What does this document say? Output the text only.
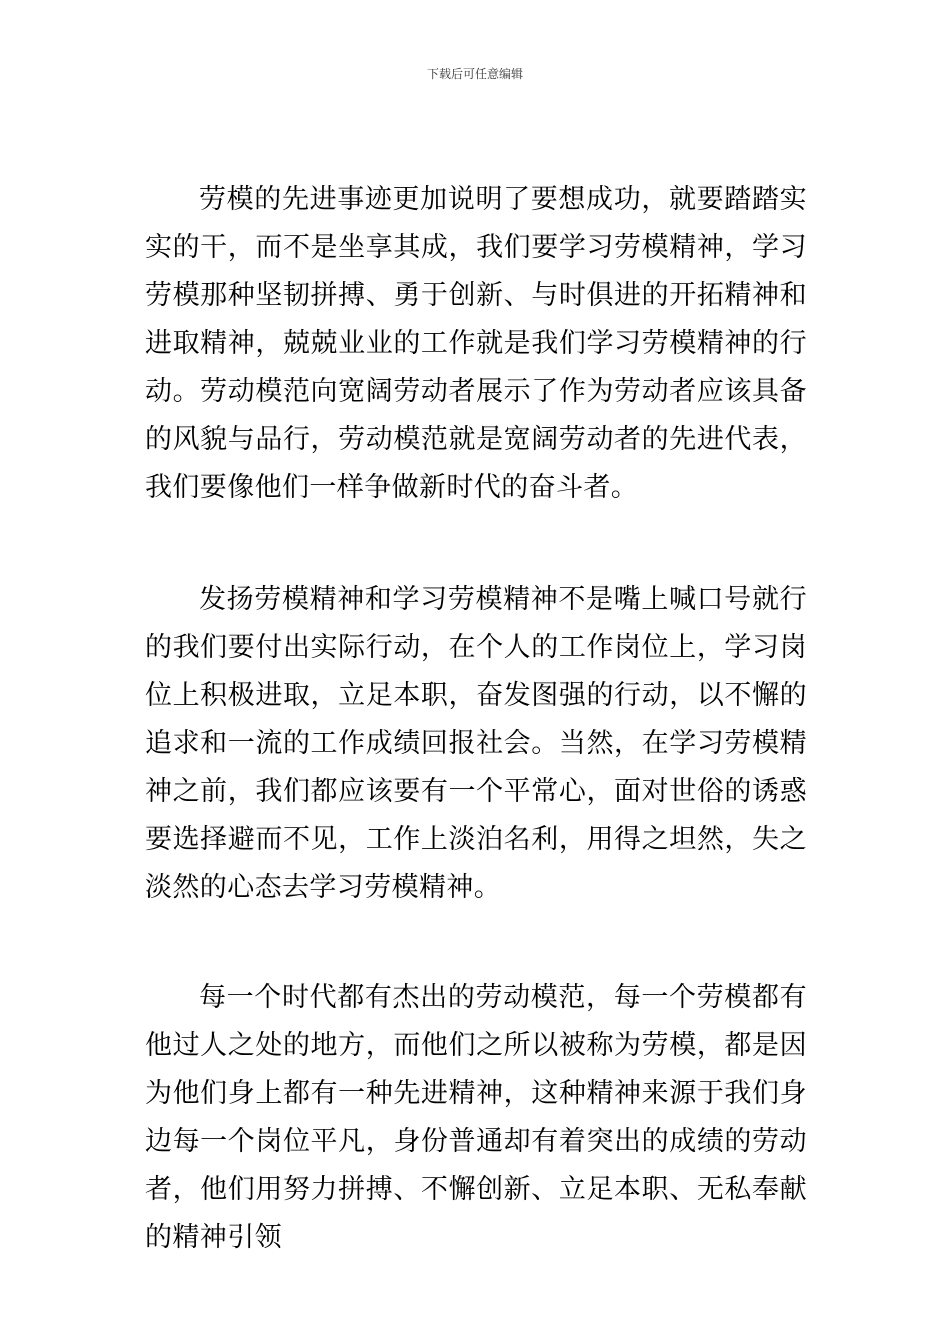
下载后可任意编辑

劳模的先进事迹更加说明了要想成功，就要踏踏实实的干，而不是坐享其成，我们要学习劳模精神，学习劳模那种坚韧拼搏、勇于创新、与时俱进的开拓精神和进取精神，兢兢业业的工作就是我们学习劳模精神的行动。劳动模范向宽阔劳动者展示了作为劳动者应该具备的风貌与品行，劳动模范就是宽阔劳动者的先进代表，我们要像他们一样争做新时代的奋斗者。

发扬劳模精神和学习劳模精神不是嘴上喊口号就行的我们要付出实际行动，在个人的工作岗位上，学习岗位上积极进取，立足本职，奋发图强的行动，以不懈的追求和一流的工作成绩回报社会。当然，在学习劳模精神之前，我们都应该要有一个平常心，面对世俗的诱惑要选择避而不见，工作上淡泊名利，用得之坦然，失之淡然的心态去学习劳模精神。

每一个时代都有杰出的劳动模范，每一个劳模都有他过人之处的地方，而他们之所以被称为劳模，都是因为他们身上都有一种先进精神，这种精神来源于我们身边每一个岗位平凡，身份普通却有着突出的成绩的劳动者，他们用努力拼搏、不懈创新、立足本职、无私奉献的精神引领
